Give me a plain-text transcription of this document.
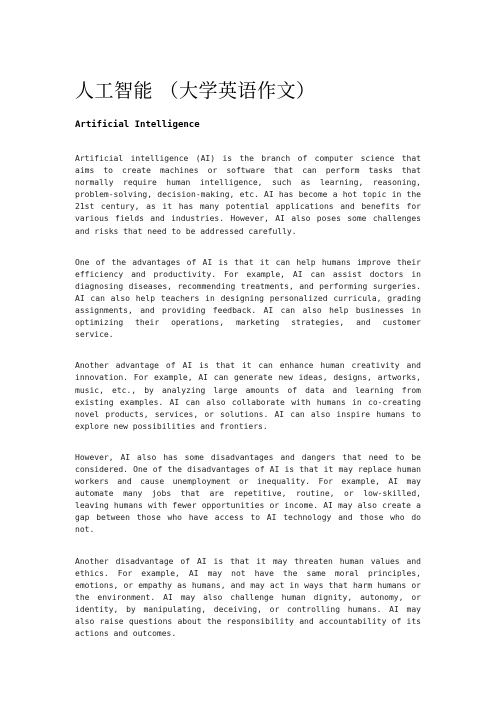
人工智能 （大学英语作文）
Artificial Intelligence

Artificial intelligence (AI) is the branch of computer science that aims to create machines or software that can perform tasks that normally require human intelligence, such as learning, reasoning, problem-solving, decision-making, etc. AI has become a hot topic in the 21st century, as it has many potential applications and benefits for various fields and industries. However, AI also poses some challenges and risks that need to be addressed carefully.

One of the advantages of AI is that it can help humans improve their efficiency and productivity. For example, AI can assist doctors in diagnosing diseases, recommending treatments, and performing surgeries. AI can also help teachers in designing personalized curricula, grading assignments, and providing feedback. AI can also help businesses in optimizing their operations, marketing strategies, and customer service.

Another advantage of AI is that it can enhance human creativity and innovation. For example, AI can generate new ideas, designs, artworks, music, etc., by analyzing large amounts of data and learning from existing examples. AI can also collaborate with humans in co-creating novel products, services, or solutions. AI can also inspire humans to explore new possibilities and frontiers.

However, AI also has some disadvantages and dangers that need to be considered. One of the disadvantages of AI is that it may replace human workers and cause unemployment or inequality. For example, AI may automate many jobs that are repetitive, routine, or low-skilled, leaving humans with fewer opportunities or income. AI may also create a gap between those who have access to AI technology and those who do not.

Another disadvantage of AI is that it may threaten human values and ethics. For example, AI may not have the same moral principles, emotions, or empathy as humans, and may act in ways that harm humans or the environment. AI may also challenge human dignity, autonomy, or identity, by manipulating, deceiving, or controlling humans. AI may also raise questions about the responsibility and accountability of its actions and outcomes.
